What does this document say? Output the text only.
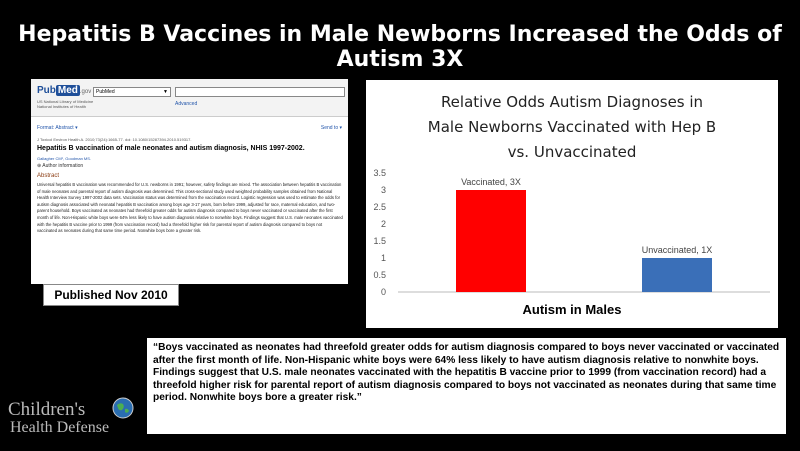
Hepatitis B Vaccines in Male Newborns Increased the Odds of Autism 3X
Pub Med .gov
US National Library of Medicine
National Institutes of Health
PubMed	▼
Advanced
Format: Abstract ▾	Send to ▾
J Toxicol Environ Health A. 2010;73(24):1665-77. doi: 10.1080/15287394.2010.519317.
Hepatitis B vaccination of male neonates and autism diagnosis, NHIS 1997-2002.
Gallagher CM¹, Goodman MS.
⊕ Author information
Abstract
Universal hepatitis B vaccination was recommended for U.S. newborns in 1991; however, safety findings are mixed. The association between hepatitis B vaccination of male neonates and parental report of autism diagnosis was determined. This cross-sectional study used weighted probability samples obtained from National Health Interview Survey 1997-2002 data sets. Vaccination status was determined from the vaccination record. Logistic regression was used to estimate the odds for autism diagnosis associated with neonatal hepatitis B vaccination among boys age 3-17 years, born before 1999, adjusted for race, maternal education, and two-parent household. Boys vaccinated as neonates had threefold greater odds for autism diagnosis compared to boys never vaccinated or vaccinated after the first month of life. Non-Hispanic white boys were 64% less likely to have autism diagnosis relative to nonwhite boys. Findings suggest that U.S. male neonates vaccinated with the hepatitis B vaccine prior to 1999 (from vaccination record) had a threefold higher risk for parental report of autism diagnosis compared to boys not vaccinated as neonates during that same time period. Nonwhite boys bore a greater risk.
Published Nov 2010
Relative Odds Autism Diagnoses in
Male Newborns Vaccinated with Hep B
vs. Unvaccinated
0
0.5
1
1.5
2
2.5
3
3.5
Vaccinated, 3X
Unvaccinated, 1X
Autism in Males
“Boys vaccinated as neonates had threefold greater odds for autism diagnosis compared to boys never vaccinated or vaccinated after the first month of life. Non-Hispanic white boys were 64% less likely to have autism diagnosis relative to nonwhite boys. Findings suggest that U.S. male neonates vaccinated with the hepatitis B vaccine prior to 1999 (from vaccination record) had a threefold higher risk for parental report of autism diagnosis compared to boys not vaccinated as neonates during that same time period. Nonwhite boys bore a greater risk.”
Children's
Health Defense
